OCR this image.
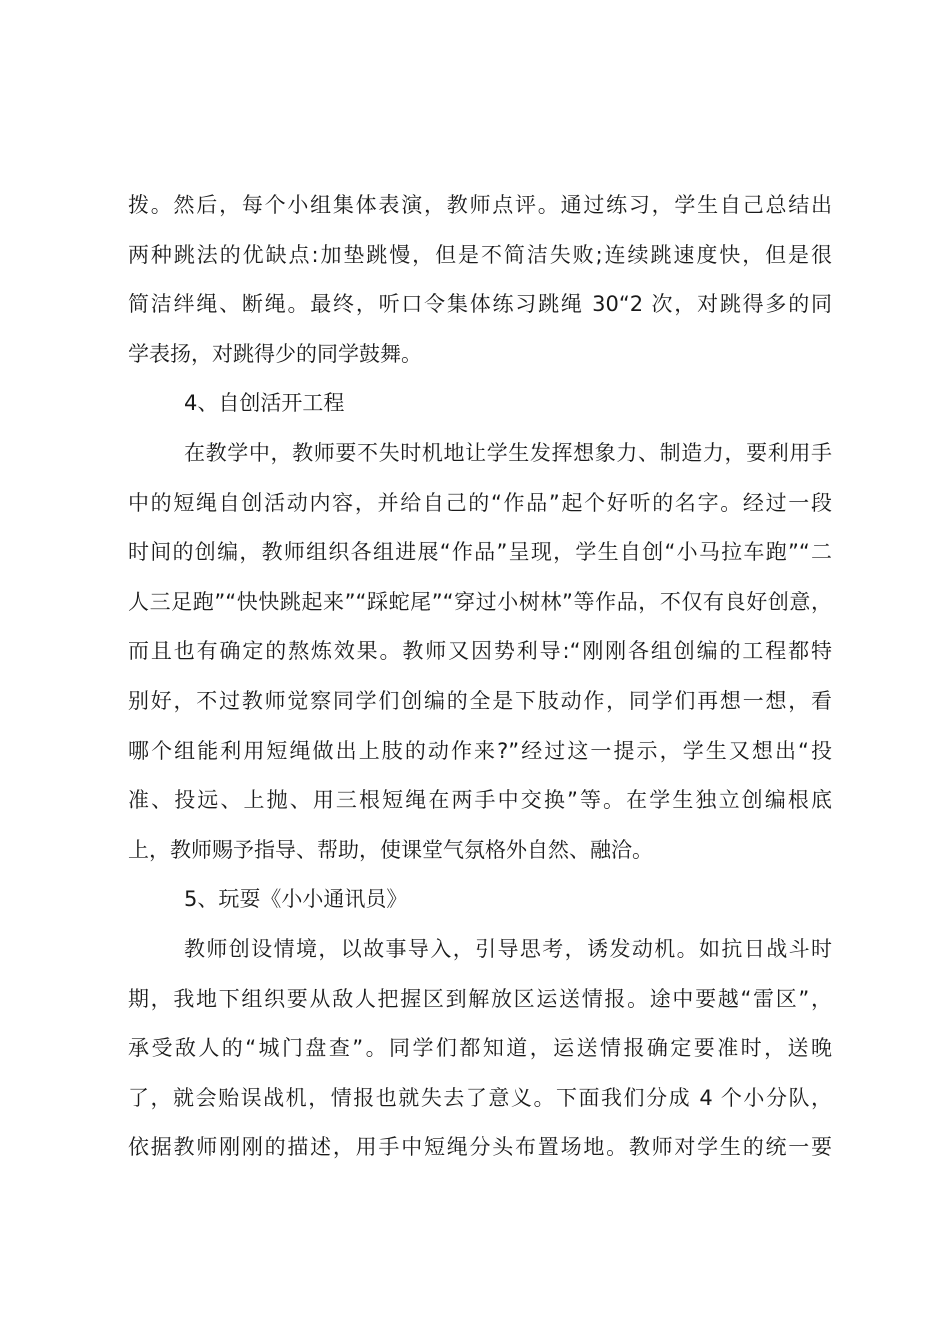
拨。然后，每个小组集体表演，教师点评。通过练习，学生自己总结出
两种跳法的优缺点:加垫跳慢，但是不简洁失败;连续跳速度快，但是很
简洁绊绳、断绳。最终，听口令集体练习跳绳 30“2 次，对跳得多的同
学表扬，对跳得少的同学鼓舞。
4、自创活开工程
在教学中，教师要不失时机地让学生发挥想象力、制造力，要利用手
中的短绳自创活动内容，并给自己的“作品”起个好听的名字。经过一段
时间的创编，教师组织各组进展“作品”呈现，学生自创“小马拉车跑”“二
人三足跑”“快快跳起来”“踩蛇尾”“穿过小树林”等作品，不仅有良好创意，
而且也有确定的熬炼效果。教师又因势利导:“刚刚各组创编的工程都特
别好，不过教师觉察同学们创编的全是下肢动作，同学们再想一想，看
哪个组能利用短绳做出上肢的动作来?”经过这一提示，学生又想出“投
准、投远、上抛、用三根短绳在两手中交换”等。在学生独立创编根底
上，教师赐予指导、帮助，使课堂气氛格外自然、融洽。
5、玩耍《小小通讯员》
教师创设情境，以故事导入，引导思考，诱发动机。如抗日战斗时
期，我地下组织要从敌人把握区到解放区运送情报。途中要越“雷区”，
承受敌人的“城门盘查”。同学们都知道，运送情报确定要准时，送晚
了，就会贻误战机，情报也就失去了意义。下面我们分成 4 个小分队，
依据教师刚刚的描述，用手中短绳分头布置场地。教师对学生的统一要
